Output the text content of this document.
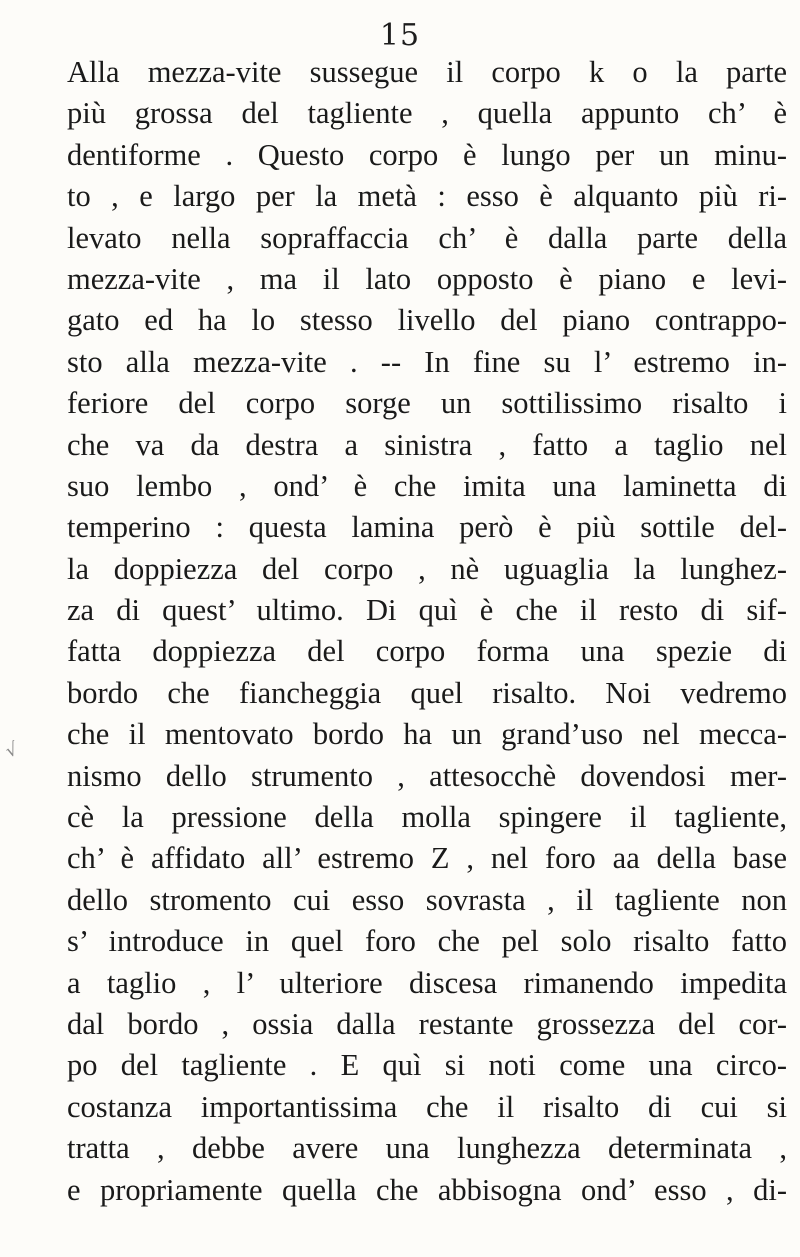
15
√
Alla mezza-vite sussegue il corpo k o la parte
più grossa del tagliente , quella appunto ch’ è
dentiforme . Questo corpo è lungo per un minu-
to , e largo per la metà : esso è alquanto più ri-
levato nella sopraffaccia ch’ è dalla parte della
mezza-vite , ma il lato opposto è piano e levi-
gato ed ha lo stesso livello del piano contrappo-
sto alla mezza-vite . -- In fine su l’ estremo in-
feriore del corpo sorge un sottilissimo risalto i
che va da destra a sinistra , fatto a taglio nel
suo lembo , ond’ è che imita una laminetta di
temperino : questa lamina però è più sottile del-
la doppiezza del corpo , nè uguaglia la lunghez-
za di quest’ ultimo. Di quì è che il resto di sif-
fatta doppiezza del corpo forma una spezie di
bordo che fiancheggia quel risalto. Noi vedremo
che il mentovato bordo ha un grand’uso nel mecca-
nismo dello strumento , attesocchè dovendosi mer-
cè la pressione della molla spingere il tagliente,
ch’ è affidato all’ estremo Z , nel foro aa della base
dello stromento cui esso sovrasta , il tagliente non
s’ introduce in quel foro che pel solo risalto fatto
a taglio , l’ ulteriore discesa rimanendo impedita
dal bordo , ossia dalla restante grossezza del cor-
po del tagliente . E quì si noti come una circo-
costanza importantissima che il risalto di cui si
tratta , debbe avere una lunghezza determinata ,
e propriamente quella che abbisogna ond’ esso , di-
